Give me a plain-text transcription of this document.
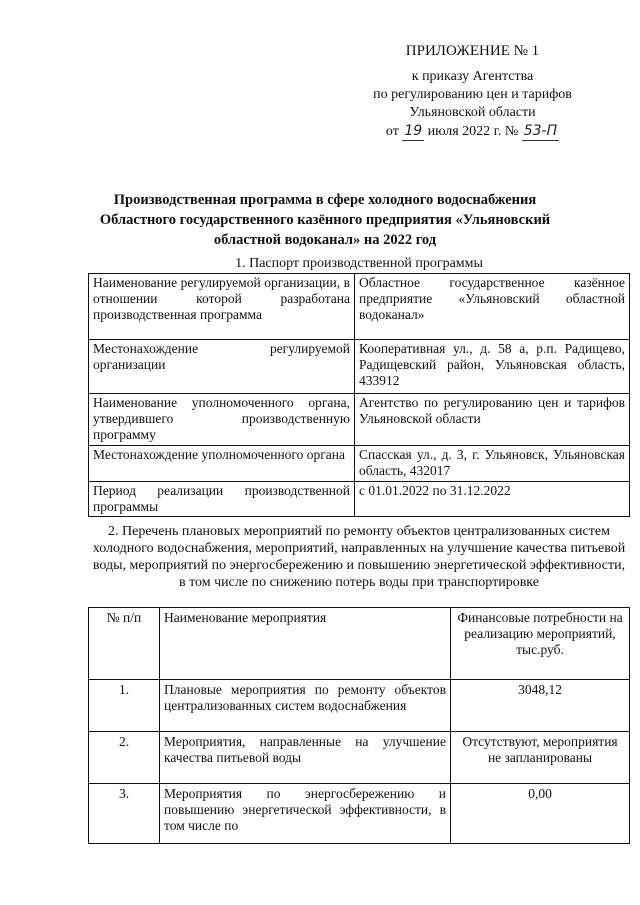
ПРИЛОЖЕНИЕ № 1
к приказу Агентства
по регулированию цен и тарифов
Ульяновской области
от 19 июля 2022 г. № 53-П
Производственная программа в сфере холодного водоснабжения
Областного государственного казённого предприятия «Ульяновский
областной водоканал» на 2022 год
1. Паспорт производственной программы
Наименование регулируемой организации, в отношении которой разработана производственная программа	Областное государственное казённое предприятие «Ульяновский областной водоканал»
Местонахождение регулируемой организации	Кооперативная ул., д. 58 а, р.п. Радищево, Радищевский район, Ульяновская область, 433912
Наименование уполномоченного органа, утвердившего производственную программу	Агентство по регулированию цен и тарифов Ульяновской области
Местонахождение уполномоченного органа	Спасская ул., д. 3, г. Ульяновск, Ульяновская область, 432017
Период реализации производственной программы	с 01.01.2022 по 31.12.2022
2. Перечень плановых мероприятий по ремонту объектов централизованных систем холодного водоснабжения, мероприятий, направленных на улучшение качества питьевой воды, мероприятий по энергосбережению и повышению энергетической эффективности, в том числе по снижению потерь воды при транспортировке
№ п/п	Наименование мероприятия	Финансовые потребности на реализацию мероприятий, тыс.руб.
1.	Плановые мероприятия по ремонту объектов централизованных систем водоснабжения	3048,12
2.	Мероприятия, направленные на улучшение качества питьевой воды	Отсутствуют, мероприятия не запланированы
3.	Мероприятия по энергосбережению и повышению энергетической эффективности, в том числе по	0,00
